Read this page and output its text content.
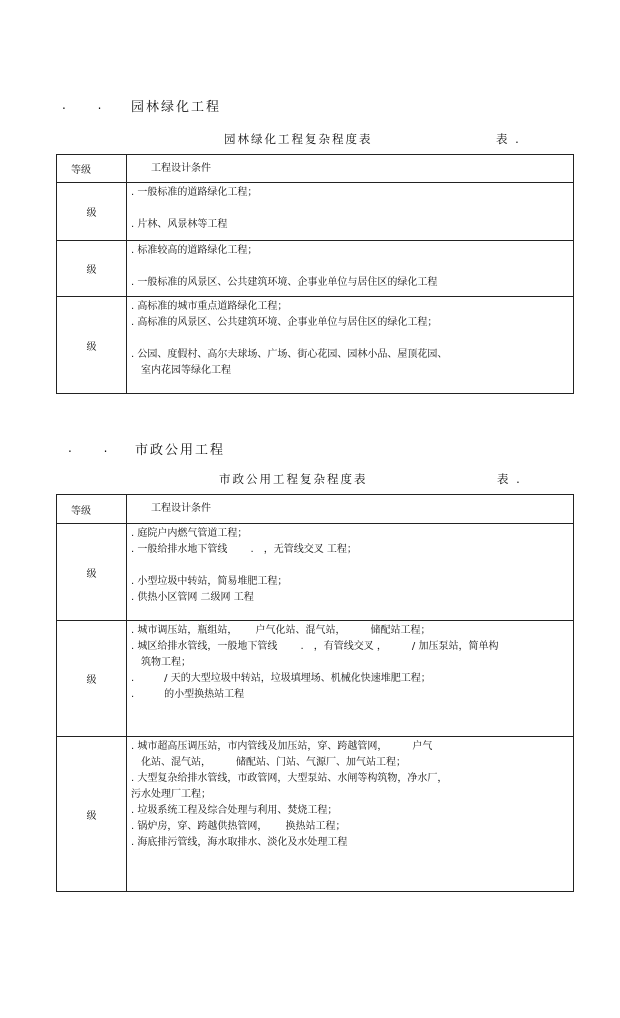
. . 园林绿化工程
园林绿化工程复杂程度表	表 .
等级	工程设计条件
级
. 一般标准的道路绿化工程；
. 片林、风景林等工程
级
. 标准较高的道路绿化工程；
. 一般标准的风景区、公共建筑环境、企事业单位与居住区的绿化工程
级
. 高标准的城市重点道路绿化工程；
. 高标准的风景区、公共建筑环境、企事业单位与居住区的绿化工程；
. 公园、度假村、高尔夫球场、广场、街心花园、园林小品、屋顶花园、
室内花园等绿化工程
. . 市政公用工程
市政公用工程复杂程度表	表 .
等级	工程设计条件
级
. 庭院户内燃气管道工程；
. 一般给排水地下管线　　 .　，无管线交叉 工程；
. 小型垃圾中转站，简易堆肥工程；
. 供热小区管网 二级网 工程
级
. 城市调压站，瓶组站，　　 户气化站、混气站，　　　储配站工程；
. 城区给排水管线，一般地下管线　　 .　，有管线交叉 ，　　　/ 加压泵站，简单构
筑物工程；
.　　　/ 天的大型垃圾中转站，垃圾填埋场、机械化快速堆肥工程；
.　　　的小型换热站工程
级
. 城市超高压调压站，市内管线及加压站，穿、跨越管网，　　　户气
化站、混气站，　　　储配站、门站、气源厂、加气站工程；
. 大型复杂给排水管线，市政管网，大型泵站、水闸等构筑物，净水厂，
污水处理厂工程；
. 垃圾系统工程及综合处理与利用、焚烧工程；
. 锅炉房，穿、跨越供热管网，　　 换热站工程；
. 海底排污管线，海水取排水、淡化及水处理工程
